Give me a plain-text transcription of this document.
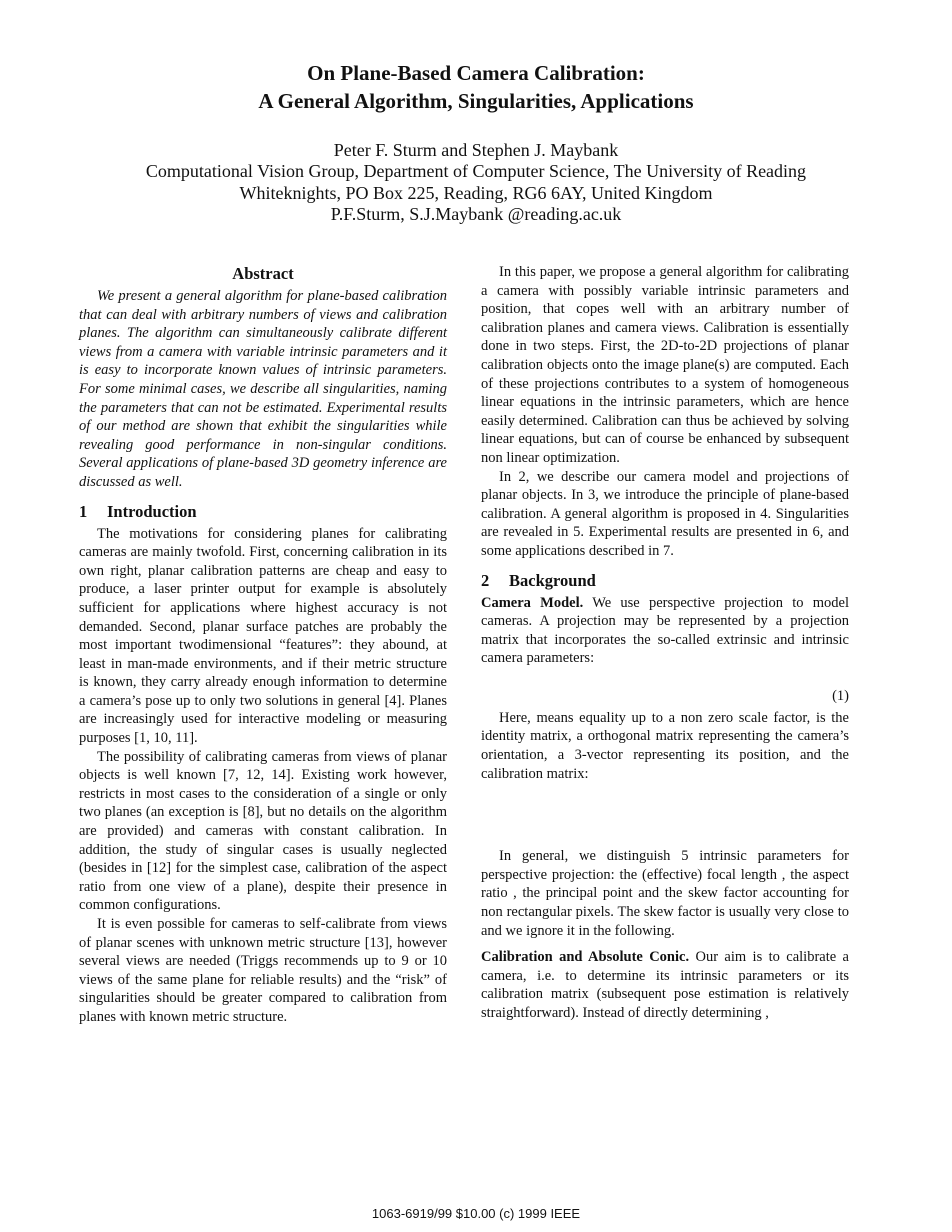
On Plane-Based Camera Calibration:
A General Algorithm, Singularities, Applications
Peter F. Sturm and Stephen J. Maybank
Computational Vision Group, Department of Computer Science, The University of Reading
Whiteknights, PO Box 225, Reading, RG6 6AY, United Kingdom
P.F.Sturm, S.J.Maybank @reading.ac.uk
Abstract

We present a general algorithm for plane-based calibration that can deal with arbitrary numbers of views and calibration planes. The algorithm can simultaneously calibrate different views from a camera with variable intrinsic parameters and it is easy to incorporate known values of intrinsic parameters. For some minimal cases, we describe all singularities, naming the parameters that can not be estimated. Experimental results of our method are shown that exhibit the singularities while revealing good performance in non-singular conditions. Several applications of plane-based 3D geometry inference are discussed as well.

1 Introduction

The motivations for considering planes for calibrating cameras are mainly twofold. First, concerning calibration in its own right, planar calibration patterns are cheap and easy to produce, a laser printer output for example is absolutely sufficient for applications where highest accuracy is not demanded. Second, planar surface patches are probably the most important twodimensional “features”: they abound, at least in man-made environments, and if their metric structure is known, they carry already enough information to determine a camera’s pose up to only two solutions in general [4]. Planes are increasingly used for interactive modeling or measuring purposes [1, 10, 11].

The possibility of calibrating cameras from views of planar objects is well known [7, 12, 14]. Existing work however, restricts in most cases to the consideration of a single or only two planes (an exception is [8], but no details on the algorithm are provided) and cameras with constant calibration. In addition, the study of singular cases is usually neglected (besides in [12] for the simplest case, calibration of the aspect ratio from one view of a plane), despite their presence in common configurations.

It is even possible for cameras to self-calibrate from views of planar scenes with unknown metric structure [13], however several views are needed (Triggs recommends up to 9 or 10 views of the same plane for reliable results) and the “risk” of singularities should be greater compared to calibration from planes with known metric structure.

In this paper, we propose a general algorithm for calibrating a camera with possibly variable intrinsic parameters and position, that copes well with an arbitrary number of calibration planes and camera views. Calibration is essentially done in two steps. First, the 2D-to-2D projections of planar calibration objects onto the image plane(s) are computed. Each of these projections contributes to a system of homogeneous linear equations in the intrinsic parameters, which are hence easily determined. Calibration can thus be achieved by solving linear equations, but can of course be enhanced by subsequent non linear optimization.

In 2, we describe our camera model and projections of planar objects. In 3, we introduce the principle of plane-based calibration. A general algorithm is proposed in 4. Singularities are revealed in 5. Experimental results are presented in 6, and some applications described in 7.

2 Background

Camera Model. We use perspective projection to model cameras. A projection may be represented by a projection matrix that incorporates the so-called extrinsic and intrinsic camera parameters:

(1)

Here, means equality up to a non zero scale factor, is the identity matrix, a orthogonal matrix representing the camera’s orientation, a 3-vector representing its position, and the calibration matrix:

In general, we distinguish 5 intrinsic parameters for perspective projection: the (effective) focal length , the aspect ratio , the principal point and the skew factor accounting for non rectangular pixels. The skew factor is usually very close to and we ignore it in the following.

Calibration and Absolute Conic. Our aim is to calibrate a camera, i.e. to determine its intrinsic parameters or its calibration matrix (subsequent pose estimation is relatively straightforward). Instead of directly determining ,

1063-6919/99 $10.00 (c) 1999 IEEE
